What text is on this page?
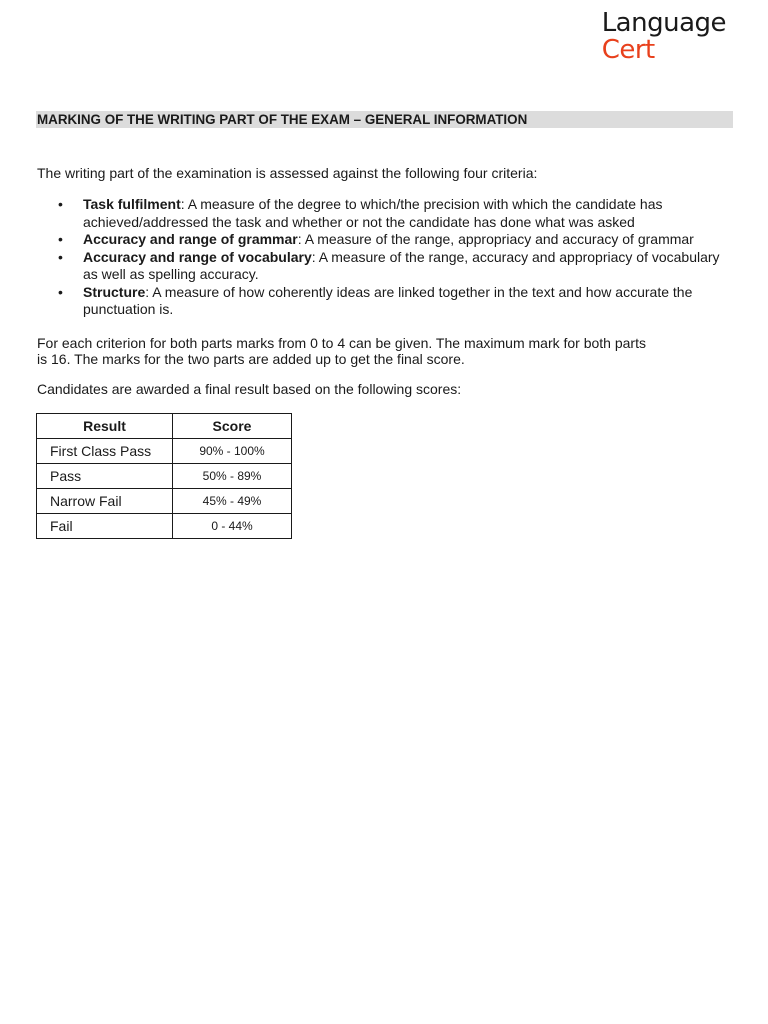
Language
Cert
MARKING OF THE WRITING PART OF THE EXAM – GENERAL INFORMATION

The writing part of the examination is assessed against the following four criteria:

• Task fulfilment: A measure of the degree to which/the precision with which the candidate has achieved/addressed the task and whether or not the candidate has done what was asked
• Accuracy and range of grammar: A measure of the range, appropriacy and accuracy of grammar
• Accuracy and range of vocabulary: A measure of the range, accuracy and appropriacy of vocabulary as well as spelling accuracy.
• Structure: A measure of how coherently ideas are linked together in the text and how accurate the punctuation is.

For each criterion for both parts marks from 0 to 4 can be given. The maximum mark for both parts

is 16. The marks for the two parts are added up to get the final score.

Candidates are awarded a final result based on the following scores:

Result	Score
First Class Pass	90% - 100%
Pass	50% - 89%
Narrow Fail	45% - 49%
Fail	0 - 44%
